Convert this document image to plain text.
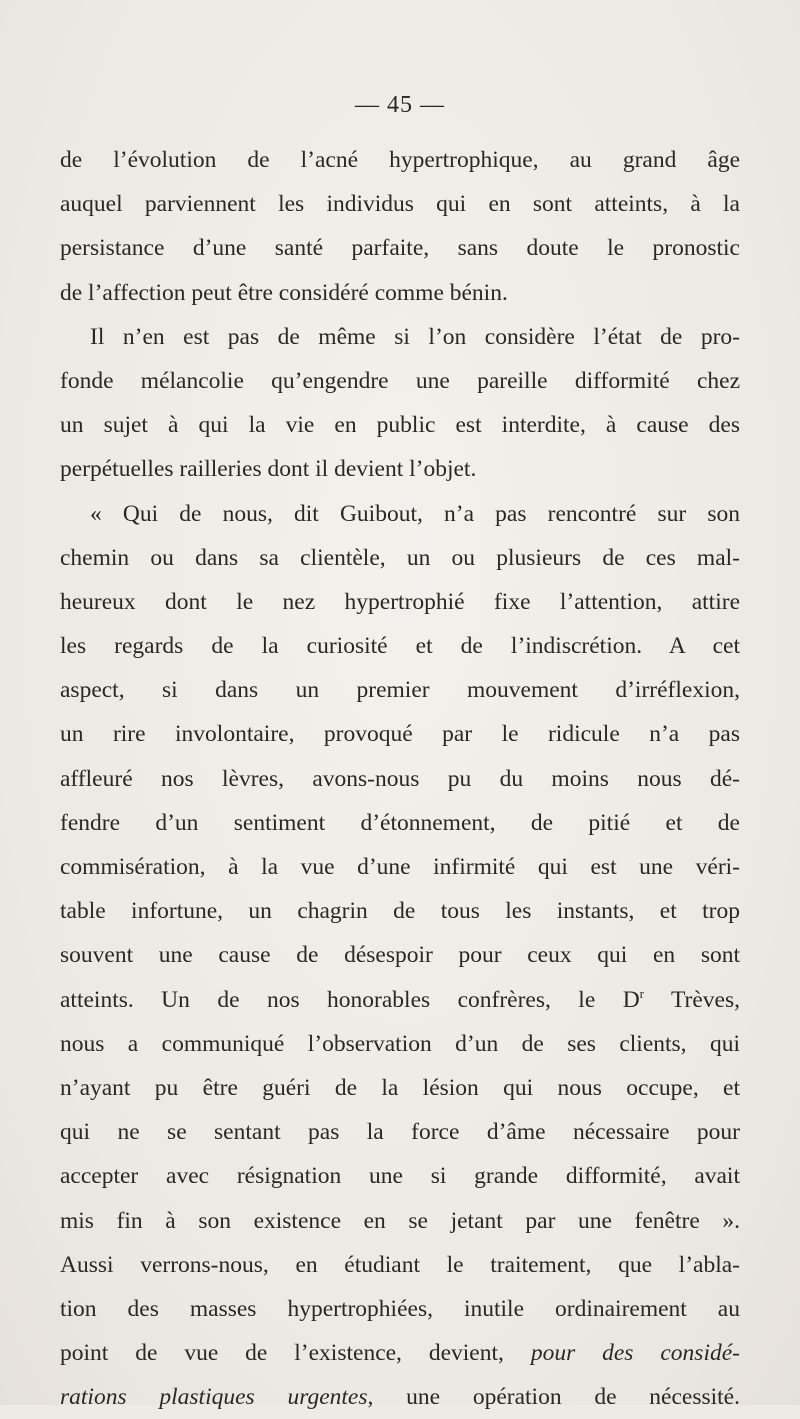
— 45 —
de l’évolution de l’acné hypertrophique, au grand âge
auquel parviennent les individus qui en sont atteints, à la
persistance d’une santé parfaite, sans doute le pronostic
de l’affection peut être considéré comme bénin.
Il n’en est pas de même si l’on considère l’état de pro-
fonde mélancolie qu’engendre une pareille difformité chez
un sujet à qui la vie en public est interdite, à cause des
perpétuelles railleries dont il devient l’objet.
« Qui de nous, dit Guibout, n’a pas rencontré sur son
chemin ou dans sa clientèle, un ou plusieurs de ces mal-
heureux dont le nez hypertrophié fixe l’attention, attire
les regards de la curiosité et de l’indiscrétion. A cet
aspect, si dans un premier mouvement d’irréflexion,
un rire involontaire, provoqué par le ridicule n’a pas
affleuré nos lèvres, avons-nous pu du moins nous dé-
fendre d’un sentiment d’étonnement, de pitié et de
commisération, à la vue d’une infirmité qui est une véri-
table infortune, un chagrin de tous les instants, et trop
souvent une cause de désespoir pour ceux qui en sont
atteints. Un de nos honorables confrères, le $D^r$ Trèves,
nous a communiqué l’observation d’un de ses clients, qui
n’ayant pu être guéri de la lésion qui nous occupe, et
qui ne se sentant pas la force d’âme nécessaire pour
accepter avec résignation une si grande difformité, avait
mis fin à son existence en se jetant par une fenêtre ».
Aussi verrons-nous, en étudiant le traitement, que l’abla-
tion des masses hypertrophiées, inutile ordinairement au
point de vue de l’existence, devient, pour des considé-
rations plastiques urgentes, une opération de nécessité.
